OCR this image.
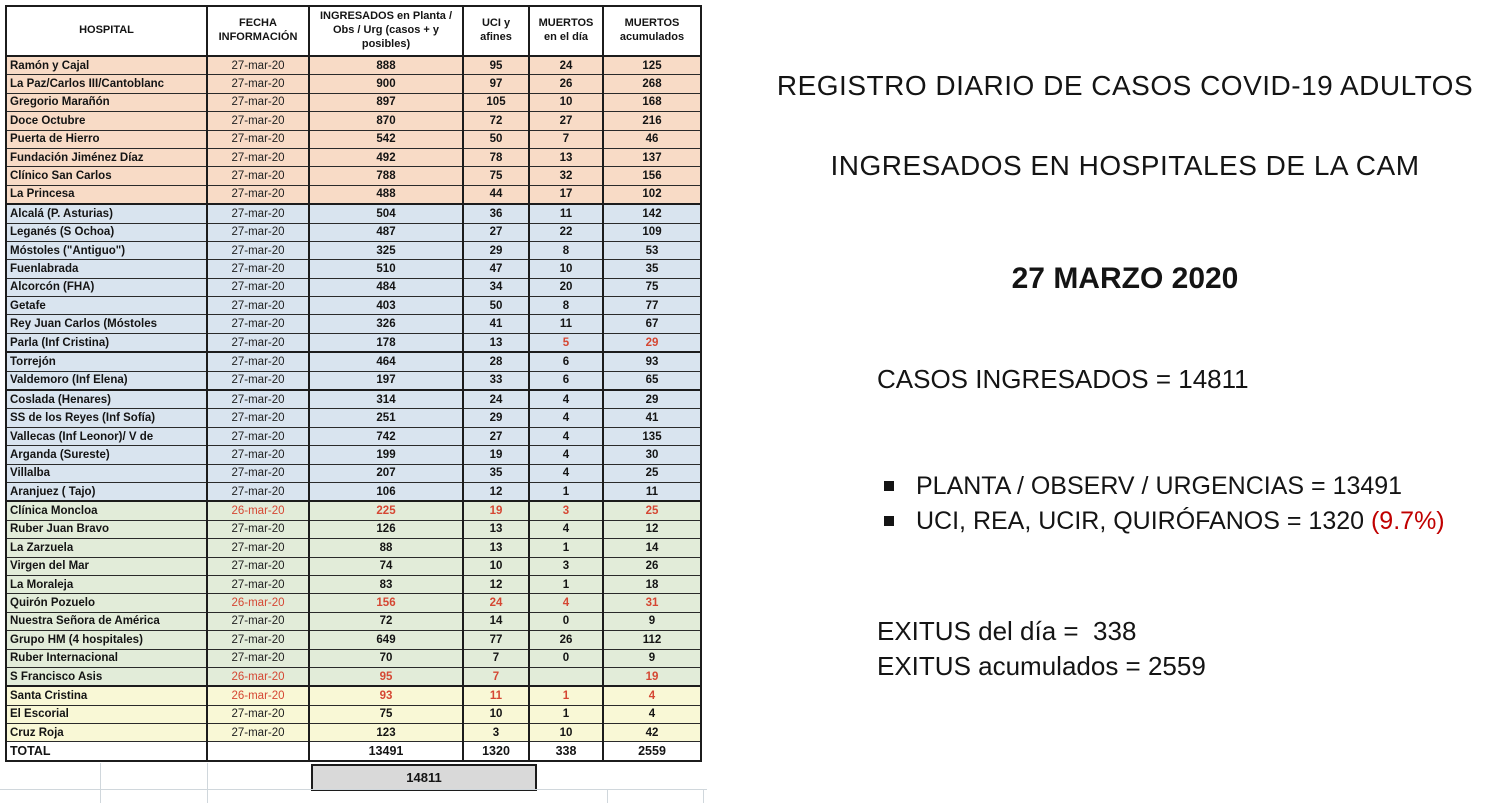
HOSPITAL	FECHA INFORMACIÓN	INGRESADOS en Planta / Obs / Urg (casos + y posibles)	UCI y afines	MUERTOS en el día	MUERTOS acumulados
Ramón y Cajal	27-mar-20	888	95	24	125
La Paz/Carlos III/Cantoblanc	27-mar-20	900	97	26	268
Gregorio Marañón	27-mar-20	897	105	10	168
Doce Octubre	27-mar-20	870	72	27	216
Puerta de Hierro	27-mar-20	542	50	7	46
Fundación Jiménez Díaz	27-mar-20	492	78	13	137
Clínico San Carlos	27-mar-20	788	75	32	156
La Princesa	27-mar-20	488	44	17	102
Alcalá (P. Asturias)	27-mar-20	504	36	11	142
Leganés (S Ochoa)	27-mar-20	487	27	22	109
Móstoles ("Antiguo")	27-mar-20	325	29	8	53
Fuenlabrada	27-mar-20	510	47	10	35
Alcorcón (FHA)	27-mar-20	484	34	20	75
Getafe	27-mar-20	403	50	8	77
Rey Juan Carlos (Móstoles	27-mar-20	326	41	11	67
Parla (Inf Cristina)	27-mar-20	178	13	5	29
Torrejón	27-mar-20	464	28	6	93
Valdemoro (Inf Elena)	27-mar-20	197	33	6	65
Coslada (Henares)	27-mar-20	314	24	4	29
SS de los Reyes (Inf Sofía)	27-mar-20	251	29	4	41
Vallecas (Inf Leonor)/ V de	27-mar-20	742	27	4	135
Arganda (Sureste)	27-mar-20	199	19	4	30
Villalba	27-mar-20	207	35	4	25
Aranjuez ( Tajo)	27-mar-20	106	12	1	11
Clínica Moncloa	26-mar-20	225	19	3	25
Ruber Juan Bravo	27-mar-20	126	13	4	12
La Zarzuela	27-mar-20	88	13	1	14
Virgen del Mar	27-mar-20	74	10	3	26
La Moraleja	27-mar-20	83	12	1	18
Quirón Pozuelo	26-mar-20	156	24	4	31
Nuestra Señora de América	27-mar-20	72	14	0	9
Grupo HM (4 hospitales)	27-mar-20	649	77	26	112
Ruber Internacional	27-mar-20	70	7	0	9
S Francisco Asis	26-mar-20	95	7		19
Santa Cristina	26-mar-20	93	11	1	4
El Escorial	27-mar-20	75	10	1	4
Cruz Roja	27-mar-20	123	3	10	42
TOTAL		13491	1320	338	2559
14811
REGISTRO DIARIO DE CASOS COVID-19 ADULTOS
INGRESADOS EN HOSPITALES DE LA CAM
27 MARZO 2020
CASOS INGRESADOS = 14811
PLANTA / OBSERV / URGENCIAS = 13491
UCI, REA, UCIR, QUIRÓFANOS = 1320 (9.7%)
EXITUS del día =  338
EXITUS acumulados = 2559
